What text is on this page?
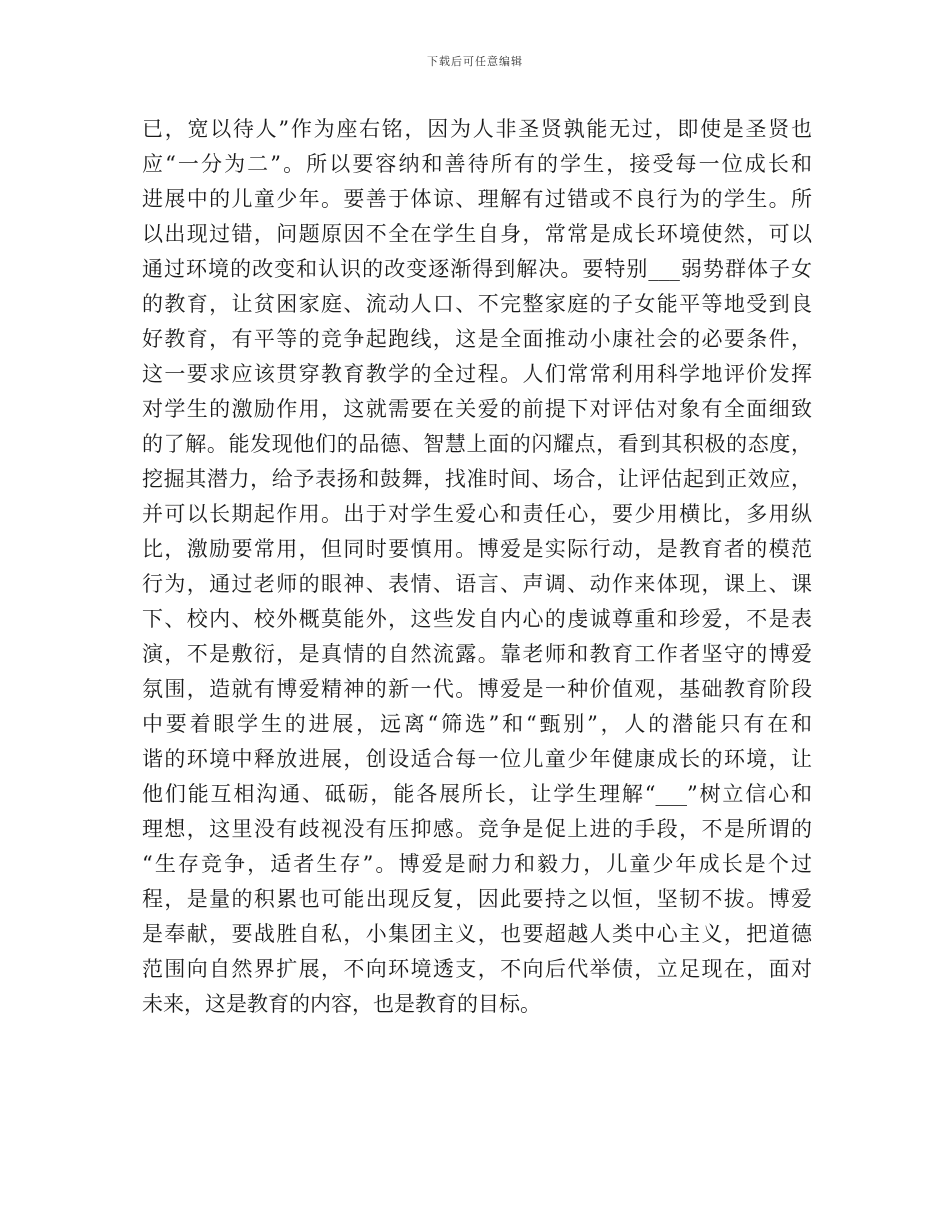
下载后可任意编辑
已，宽以待人”作为座右铭，因为人非圣贤孰能无过，即使是圣贤也
应“一分为二”。所以要容纳和善待所有的学生，接受每一位成长和
进展中的儿童少年。要善于体谅、理解有过错或不良行为的学生。所
以出现过错，问题原因不全在学生自身，常常是成长环境使然，可以
通过环境的改变和认识的改变逐渐得到解决。要特别___弱势群体子女
的教育，让贫困家庭、流动人口、不完整家庭的子女能平等地受到良
好教育，有平等的竞争起跑线，这是全面推动小康社会的必要条件，
这一要求应该贯穿教育教学的全过程。人们常常利用科学地评价发挥
对学生的激励作用，这就需要在关爱的前提下对评估对象有全面细致
的了解。能发现他们的品德、智慧上面的闪耀点，看到其积极的态度，
挖掘其潜力，给予表扬和鼓舞，找准时间、场合，让评估起到正效应，
并可以长期起作用。出于对学生爱心和责任心，要少用横比，多用纵
比，激励要常用，但同时要慎用。博爱是实际行动，是教育者的模范
行为，通过老师的眼神、表情、语言、声调、动作来体现，课上、课
下、校内、校外概莫能外，这些发自内心的虔诚尊重和珍爱，不是表
演，不是敷衍，是真情的自然流露。靠老师和教育工作者坚守的博爱
氛围，造就有博爱精神的新一代。博爱是一种价值观，基础教育阶段
中要着眼学生的进展，远离“筛选”和“甄别”，人的潜能只有在和
谐的环境中释放进展，创设适合每一位儿童少年健康成长的环境，让
他们能互相沟通、砥砺，能各展所长，让学生理解“___”树立信心和
理想，这里没有歧视没有压抑感。竞争是促上进的手段，不是所谓的
“生存竞争，适者生存”。博爱是耐力和毅力，儿童少年成长是个过
程，是量的积累也可能出现反复，因此要持之以恒，坚韧不拔。博爱
是奉献，要战胜自私，小集团主义，也要超越人类中心主义，把道德
范围向自然界扩展，不向环境透支，不向后代举债，立足现在，面对
未来，这是教育的内容，也是教育的目标。
